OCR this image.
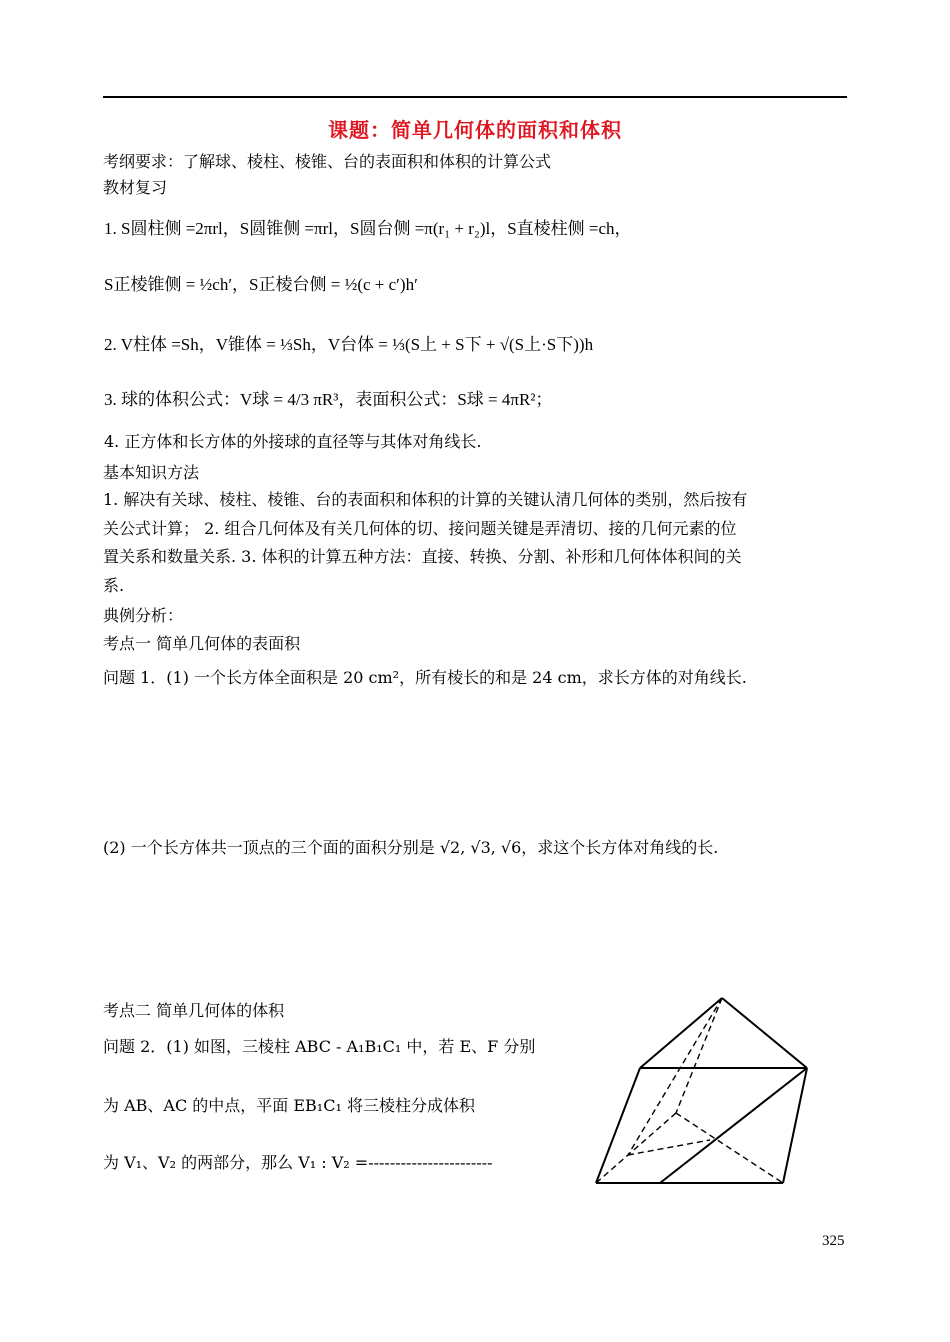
课题：简单几何体的面积和体积
考纲要求：了解球、棱柱、棱锥、台的表面积和体积的计算公式
教材复习
1. S圆柱侧 =2πrl，S圆锥侧 =πrl，S圆台侧 =π(r₁ + r₂)l，S直棱柱侧 =ch，
S正棱锥侧 = ½ch′，S正棱台侧 = ½(c + c′)h′
2. V柱体 =Sh，V锥体 = ⅓Sh，V台体 = ⅓(S上 + S下 + √(S上·S下))h
3. 球的体积公式：V球 = 4/3 πR³，表面积公式：S球 = 4πR²；
4. 正方体和长方体的外接球的直径等与其体对角线长.
基本知识方法
1. 解决有关球、棱柱、棱锥、台的表面积和体积的计算的关键认清几何体的类别，然后按有
关公式计算； 2. 组合几何体及有关几何体的切、接问题关键是弄清切、接的几何元素的位
置关系和数量关系. 3. 体积的计算五种方法：直接、转换、分割、补形和几何体体积间的关
系.
典例分析：
考点一 简单几何体的表面积
问题 1．(1) 一个长方体全面积是 20 cm²，所有棱长的和是 24 cm，求长方体的对角线长.
(2) 一个长方体共一顶点的三个面的面积分别是 √2, √3, √6，求这个长方体对角线的长.
考点二 简单几何体的体积
问题 2．(1) 如图，三棱柱 ABC - A₁B₁C₁ 中，若 E、F 分别
为 AB、AC 的中点，平面 EB₁C₁ 将三棱柱分成体积
为 V₁、V₂ 的两部分，那么 V₁ : V₂ =-----------------------
325
